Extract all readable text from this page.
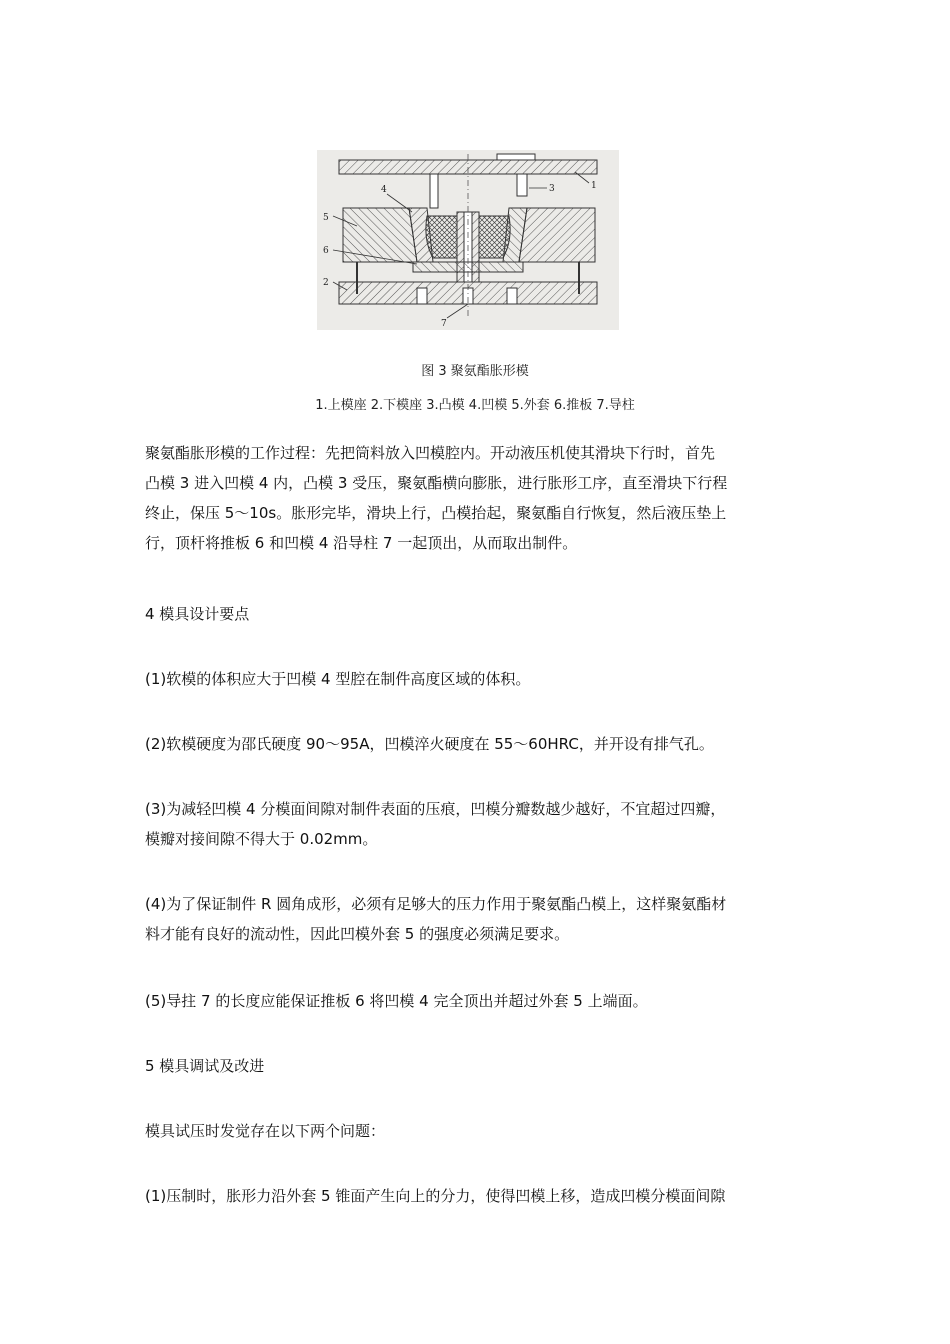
1
2
3
4
5
6
7
图 3 聚氨酯胀形模
1.上模座 2.下模座 3.凸模 4.凹模 5.外套 6.推板 7.导柱

聚氨酯胀形模的工作过程：先把筒料放入凹模腔内。开动液压机使其滑块下行时，首先

凸模 3 进入凹模 4 内，凸模 3 受压，聚氨酯横向膨胀，进行胀形工序，直至滑块下行程

终止，保压 5～10s。胀形完毕，滑块上行，凸模抬起，聚氨酯自行恢复，然后液压垫上

行，顶杆将推板 6 和凹模 4 沿导柱 7 一起顶出，从而取出制件。

4 模具设计要点

(1)软模的体积应大于凹模 4 型腔在制件高度区域的体积。

(2)软模硬度为邵氏硬度 90～95A，凹模淬火硬度在 55～60HRC，并开设有排气孔。

(3)为减轻凹模 4 分模面间隙对制件表面的压痕，凹模分瓣数越少越好，不宜超过四瓣，

模瓣对接间隙不得大于 0.02mm。

(4)为了保证制件 R 圆角成形，必须有足够大的压力作用于聚氨酯凸模上，这样聚氨酯材

料才能有良好的流动性，因此凹模外套 5 的强度必须满足要求。

(5)导拄 7 的长度应能保证推板 6 将凹模 4 完全顶出并超过外套 5 上端面。

5 模具调试及改进

模具试压时发觉存在以下两个问题：

(1)压制时，胀形力沿外套 5 锥面产生向上的分力，使得凹模上移，造成凹模分模面间隙
